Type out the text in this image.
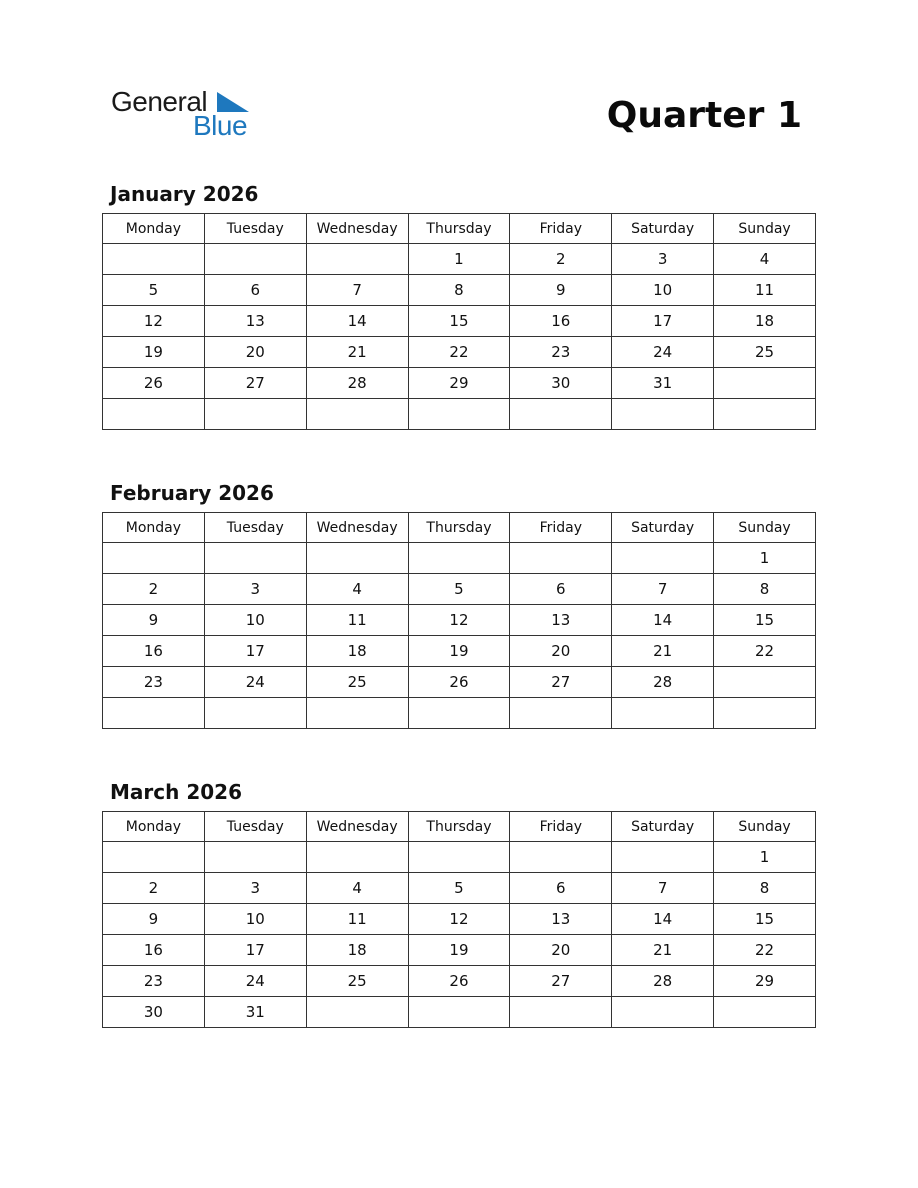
General
Blue	Quarter 1
January 2026
Monday	Tuesday	Wednesday	Thursday	Friday	Saturday	Sunday
			1	2	3	4
5	6	7	8	9	10	11
12	13	14	15	16	17	18
19	20	21	22	23	24	25
26	27	28	29	30	31	

February 2026
Monday	Tuesday	Wednesday	Thursday	Friday	Saturday	Sunday
						1
2	3	4	5	6	7	8
9	10	11	12	13	14	15
16	17	18	19	20	21	22
23	24	25	26	27	28	

March 2026
Monday	Tuesday	Wednesday	Thursday	Friday	Saturday	Sunday
						1
2	3	4	5	6	7	8
9	10	11	12	13	14	15
16	17	18	19	20	21	22
23	24	25	26	27	28	29
30	31					
